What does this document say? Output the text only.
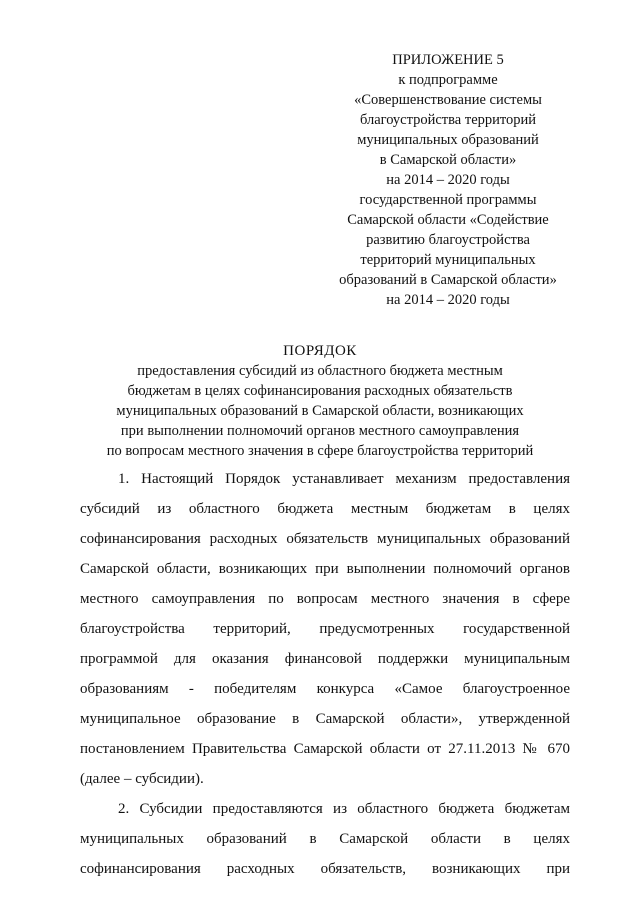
ПРИЛОЖЕНИЕ 5
к подпрограмме
«Совершенствование системы
благоустройства территорий
муниципальных образований
в Самарской области»
на 2014 – 2020 годы
государственной программы
Самарской области «Содействие
развитию благоустройства
территорий муниципальных
образований в Самарской области»
на 2014 – 2020 годы
ПОРЯДОК
предоставления субсидий из областного бюджета местным
бюджетам в целях софинансирования расходных обязательств
муниципальных образований в Самарской области, возникающих
при выполнении полномочий органов местного самоуправления
по вопросам местного значения в сфере благоустройства территорий
1. Настоящий Порядок устанавливает механизм предоставления
субсидий из областного бюджета местным бюджетам в целях
софинансирования расходных обязательств муниципальных образований
Самарской области, возникающих при выполнении полномочий органов
местного самоуправления по вопросам местного значения в сфере
благоустройства территорий, предусмотренных государственной
программой для оказания финансовой поддержки муниципальным
образованиям - победителям конкурса «Самое благоустроенное
муниципальное образование в Самарской области», утвержденной
постановлением Правительства Самарской области от 27.11.2013 № 670
(далее – субсидии).
2. Субсидии предоставляются из областного бюджета бюджетам
муниципальных образований в Самарской области в целях
софинансирования расходных обязательств, возникающих при
